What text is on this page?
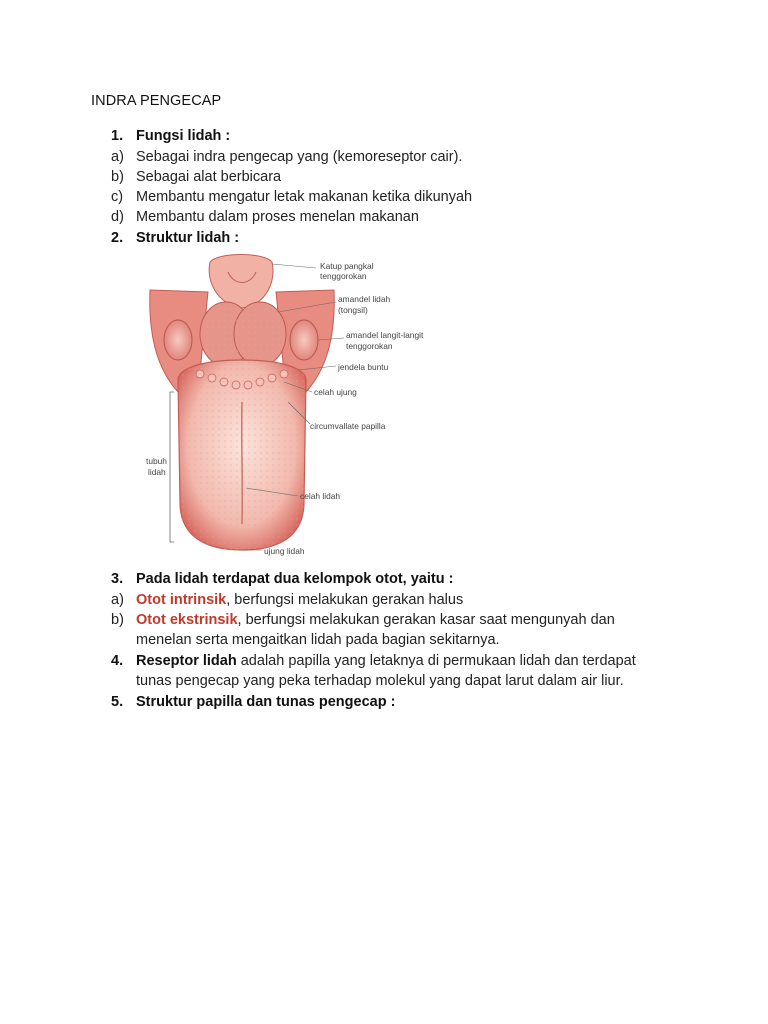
INDRA PENGECAP
1. Fungsi lidah :
a) Sebagai indra pengecap yang (kemoreseptor cair).
b) Sebagai alat berbicara
c) Membantu mengatur letak makanan ketika dikunyah
d) Membantu dalam proses menelan makanan
2. Struktur lidah :
Katup pangkal
tenggorokan
amandel lidah
(tongsil)
amandel langit-langit
tenggorokan
jendela buntu
celah ujung
circumvallate papilla
tubuh
lidah
celah lidah
ujung lidah
3. Pada lidah terdapat dua kelompok otot, yaitu :
a) Otot intrinsik, berfungsi melakukan gerakan halus
b) Otot ekstrinsik, berfungsi melakukan gerakan kasar saat mengunyah dan
menelan serta mengaitkan lidah pada bagian sekitarnya.
4. Reseptor lidah adalah papilla yang letaknya di permukaan lidah dan terdapat
tunas pengecap yang peka terhadap molekul yang dapat larut dalam air liur.
5. Struktur papilla dan tunas pengecap :
